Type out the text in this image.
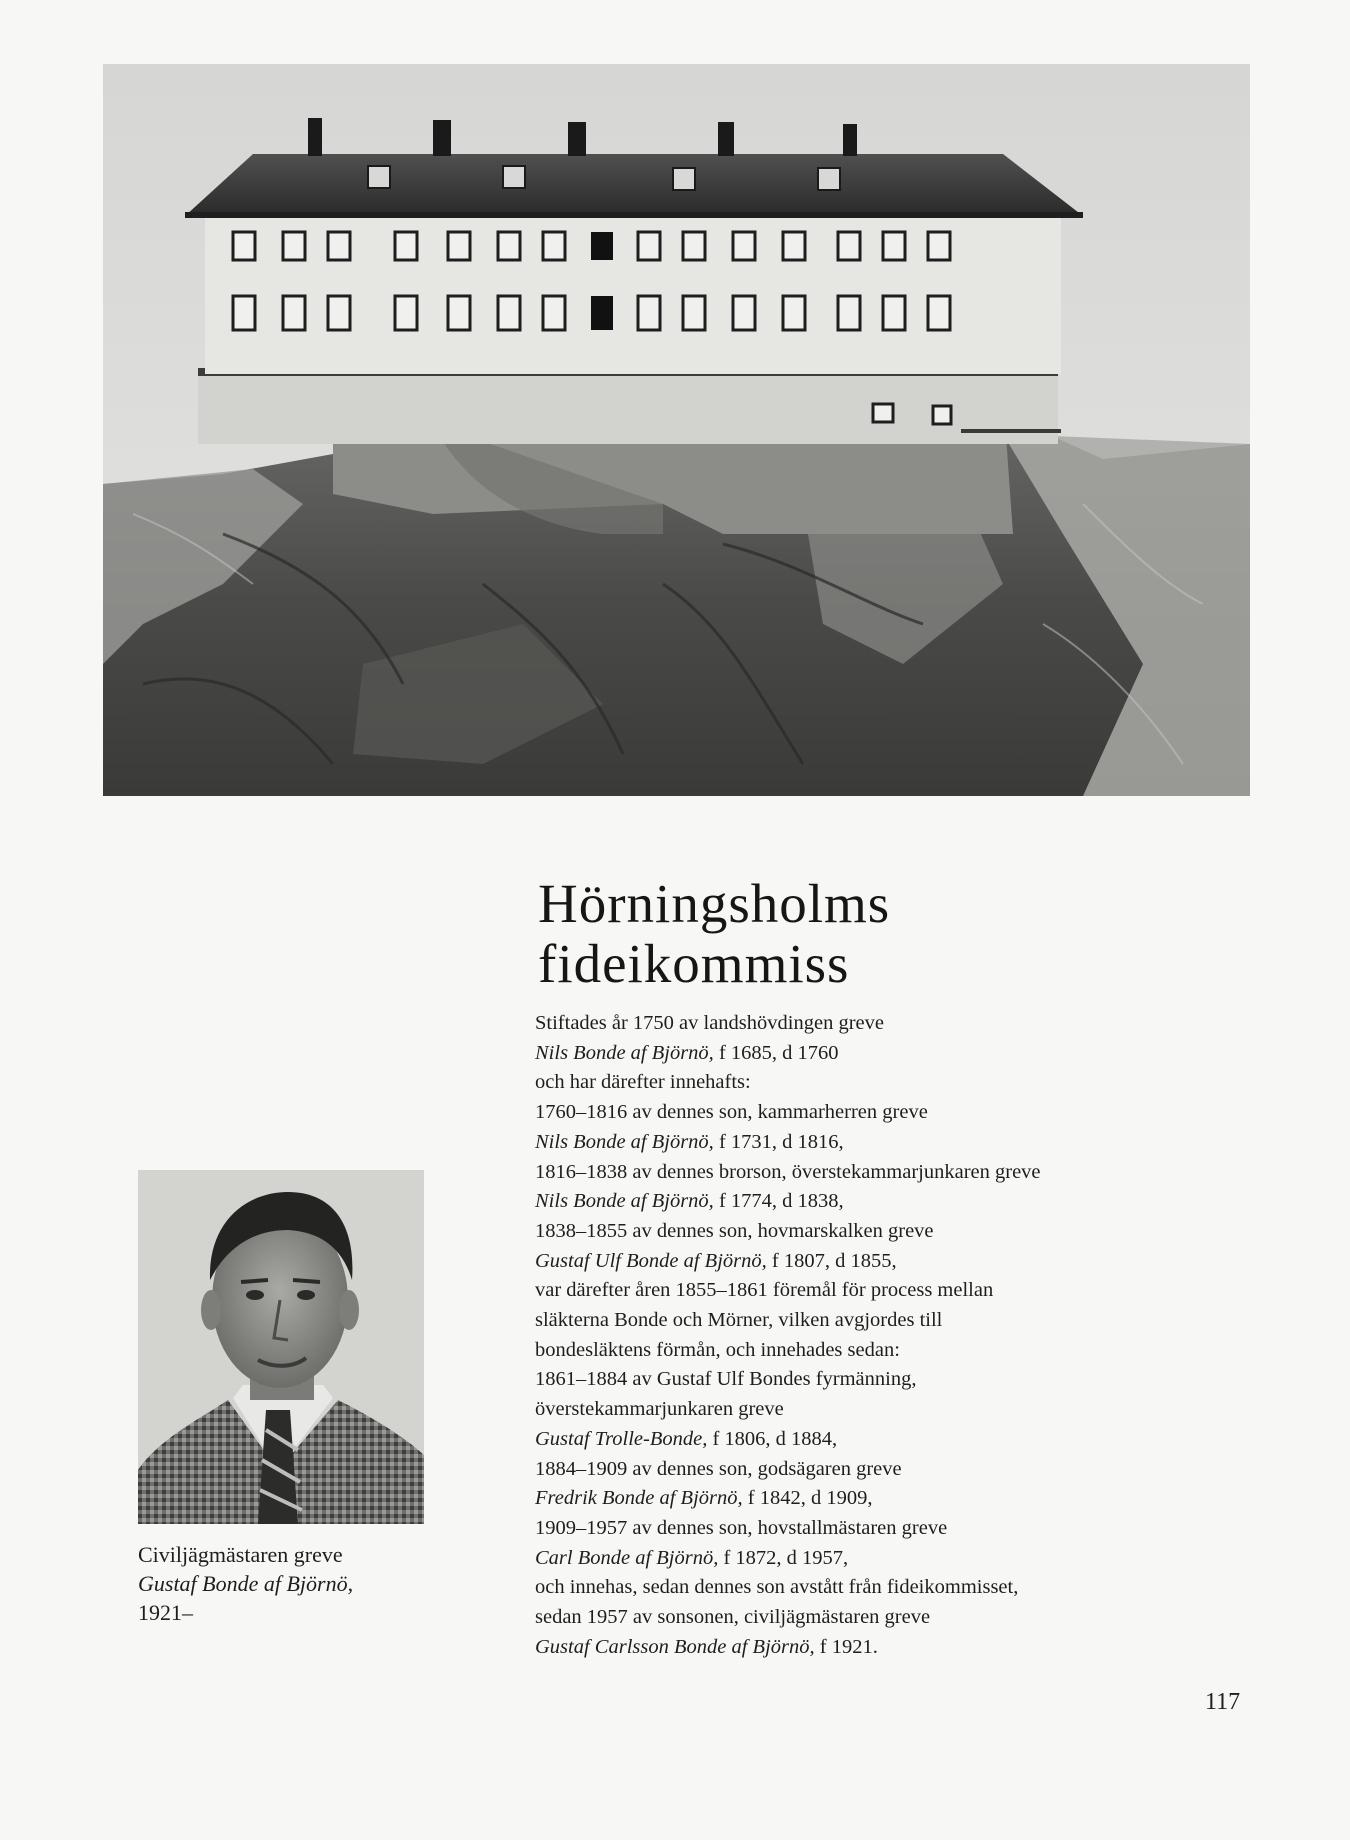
Hörningsholms
fideikommiss
Stiftades år 1750 av landshövdingen greve
Nils Bonde af Björnö, f 1685, d 1760
och har därefter innehafts:
1760–1816 av dennes son, kammarherren greve
Nils Bonde af Björnö, f 1731, d 1816,
1816–1838 av dennes brorson, överstekammarjunkaren greve
Nils Bonde af Björnö, f 1774, d 1838,
1838–1855 av dennes son, hovmarskalken greve
Gustaf Ulf Bonde af Björnö, f 1807, d 1855,
var därefter åren 1855–1861 föremål för process mellan
släkterna Bonde och Mörner, vilken avgjordes till
bondesläktens förmån, och innehades sedan:
1861–1884 av Gustaf Ulf Bondes fyrmänning,
överstekammarjunkaren greve
Gustaf Trolle-Bonde, f 1806, d 1884,
1884–1909 av dennes son, godsägaren greve
Fredrik Bonde af Björnö, f 1842, d 1909,
1909–1957 av dennes son, hovstallmästaren greve
Carl Bonde af Björnö, f 1872, d 1957,
och innehas, sedan dennes son avstått från fideikommisset,
sedan 1957 av sonsonen, civiljägmästaren greve
Gustaf Carlsson Bonde af Björnö, f 1921.
Civiljägmästaren greve
Gustaf Bonde af Björnö,
1921–
117
